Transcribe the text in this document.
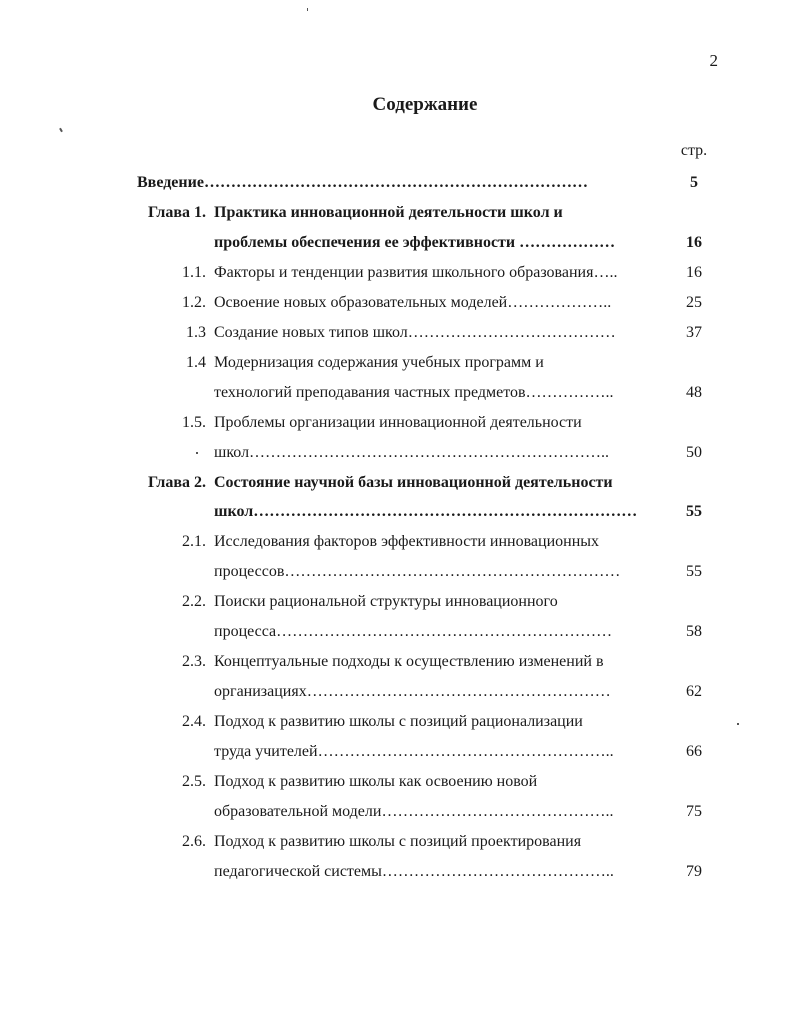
2
Содержание
стр.
Введение………………………………………………………………	5
Глава 1. Практика инновационной деятельности школ и
проблемы обеспечения ее эффективности ………………	16
1.1. Факторы и тенденции развития школьного образования…..	16
1.2. Освоение новых образовательных моделей………………..	25
1.3 Создание новых типов школ…………………………………	37
1.4 Модернизация содержания учебных программ и
технологий преподавания частных предметов……………..	48
1.5. Проблемы организации инновационной деятельности
школ…………………………………………………………..	50
Глава 2. Состояние научной базы инновационной деятельности
школ………………………………………………………………	55
2.1. Исследования факторов эффективности инновационных
процессов………………………………………………………	55
2.2. Поиски рациональной структуры инновационного
процесса………………………………………………………	58
2.3. Концептуальные подходы к осуществлению изменений в
организациях…………………………………………………	62
2.4. Подход к развитию школы с позиций рационализации
труда учителей………………………………………………..	66
2.5. Подход к развитию школы как освоению новой
образовательной модели……………………………………..	75
2.6. Подход к развитию школы с позиций проектирования
педагогической системы……………………………………..	79
